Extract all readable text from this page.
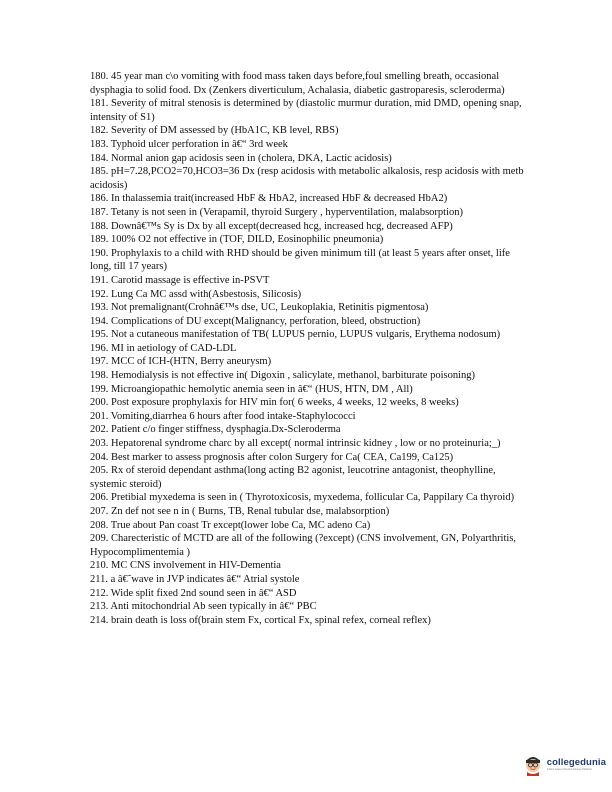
180. 45 year man c\o vomiting with food mass taken days before,foul smelling breath, occasional dysphagia to solid food. Dx (Zenkers diverticulum, Achalasia, diabetic gastroparesis, scleroderma)

181. Severity of mitral stenosis is determined by (diastolic murmur duration, mid DMD, opening snap, intensity of S1)

182. Severity of DM assessed by (HbA1C, KB level, RBS)

183. Typhoid ulcer perforation in â€“ 3rd week

184. Normal anion gap acidosis seen in (cholera, DKA, Lactic acidosis)

185. pH=7.28,PCO2=70,HCO3=36 Dx (resp acidosis with metabolic alkalosis, resp acidosis with metb acidosis)

186. In thalassemia trait(increased HbF & HbA2, increased HbF & decreased HbA2)

187. Tetany is not seen in (Verapamil, thyroid Surgery , hyperventilation, malabsorption)

188. Downâ€™s Sy is Dx by all except(decreased hcg, increased hcg, decreased AFP)

189. 100% O2 not effective in (TOF, DILD, Eosinophilic pneumonia)

190. Prophylaxis to a child with RHD should be given minimum till (at least 5 years after onset, life long, till 17 years)

191. Carotid massage is effective in-PSVT

192. Lung Ca MC assd with(Asbestosis, Silicosis)

193. Not premalignant(Crohnâ€™s dse, UC, Leukoplakia, Retinitis pigmentosa)

194. Complications of DU except(Malignancy, perforation, bleed, obstruction)

195. Not a cutaneous manifestation of TB( LUPUS pernio, LUPUS vulgaris, Erythema nodosum)

196. MI in aetiology of CAD-LDL

197. MCC of ICH-(HTN, Berry aneurysm)

198. Hemodialysis is not effective in( Digoxin , salicylate, methanol, barbiturate poisoning)

199. Microangiopathic hemolytic anemia seen in â€“ (HUS, HTN, DM , All)

200. Post exposure prophylaxis for HIV min for( 6 weeks, 4 weeks, 12 weeks, 8 weeks)

201. Vomiting,diarrhea 6 hours after food intake-Staphylococci

202. Patient c/o finger stiffness, dysphagia.Dx-Scleroderma

203. Hepatorenal syndrome charc by all except( normal intrinsic kidney , low or no proteinuria;_)

204. Best marker to assess prognosis after colon Surgery for Ca( CEA, Ca199, Ca125)

205. Rx of steroid dependant asthma(long acting B2 agonist, leucotrine antagonist, theophylline, systemic steroid)

206. Pretibial myxedema is seen in ( Thyrotoxicosis, myxedema, follicular Ca, Pappilary Ca thyroid)

207. Zn def not see n in ( Burns, TB, Renal tubular dse, malabsorption)

208. True about Pan coast Tr except(lower lobe Ca, MC adeno Ca)

209. Charecteristic of MCTD are all of the following (?except) (CNS involvement, GN, Polyarthritis, Hypocomplimentemia )

210. MC CNS involvement in HIV-Dementia

211. a â€˜wave in JVP indicates â€“ Atrial systole

212. Wide split fixed 2nd sound seen in â€“ ASD

213. Anti mitochondrial Ab seen typically in â€“ PBC

214. brain death is loss of(brain stem Fx, cortical Fx, spinal refex, corneal reflex)

collegedunia
India's largest Student Review Platform
